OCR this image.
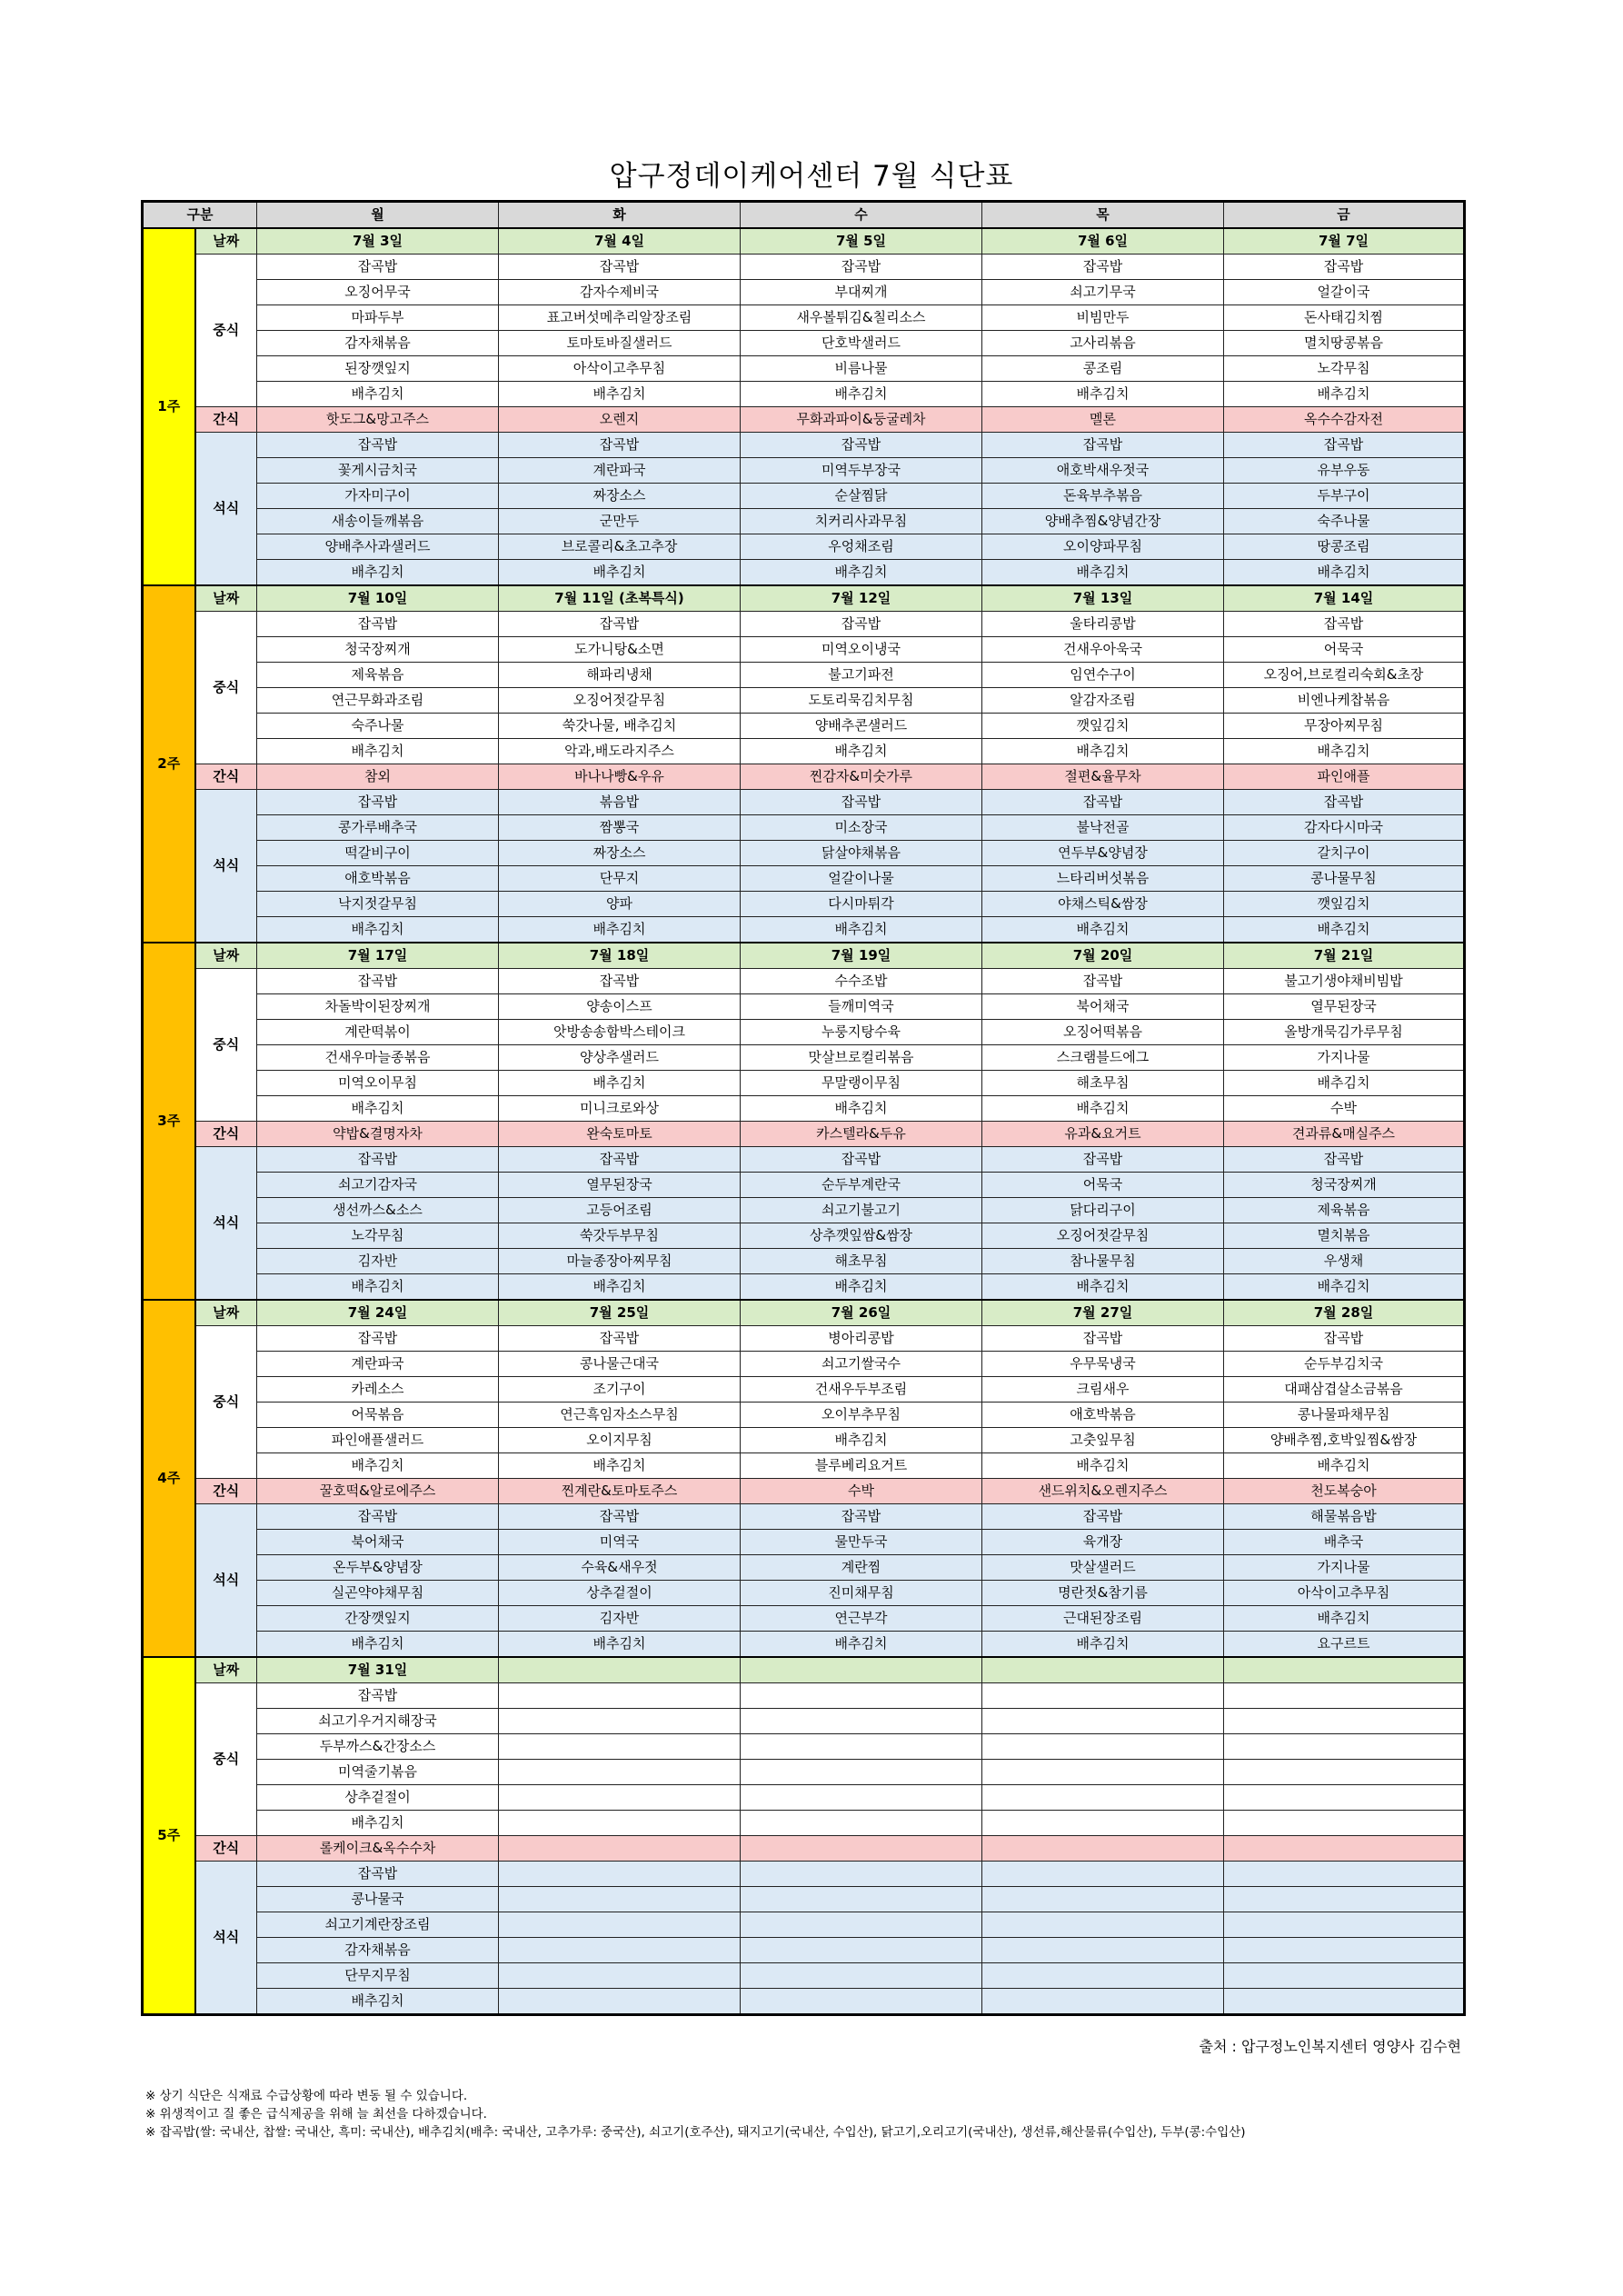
압구정데이케어센터 7월 식단표
구분		월	화	수	목	금
1주	날짜	7월 3일	7월 4일	7월 5일	7월 6일	7월 7일
	중식	잡곡밥	잡곡밥	잡곡밥	잡곡밥	잡곡밥
		오징어무국	감자수제비국	부대찌개	쇠고기무국	얼갈이국
		마파두부	표고버섯메추리알장조림	새우볼튀김&칠리소스	비빔만두	돈사태김치찜
		감자채볶음	토마토바질샐러드	단호박샐러드	고사리볶음	멸치땅콩볶음
		된장깻잎지	아삭이고추무침	비름나물	콩조림	노각무침
		배추김치	배추김치	배추김치	배추김치	배추김치
	간식	핫도그&망고주스	오렌지	무화과파이&둥굴레차	멜론	옥수수감자전
	석식	잡곡밥	잡곡밥	잡곡밥	잡곡밥	잡곡밥
		꽃게시금치국	계란파국	미역두부장국	애호박새우젓국	유부우동
		가자미구이	짜장소스	순살찜닭	돈육부추볶음	두부구이
		새송이들깨볶음	군만두	치커리사과무침	양배추찜&양념간장	숙주나물
		양배추사과샐러드	브로콜리&초고추장	우엉채조림	오이양파무침	땅콩조림
		배추김치	배추김치	배추김치	배추김치	배추김치
2주	날짜	7월 10일	7월 11일 (초복특식)	7월 12일	7월 13일	7월 14일
	중식	잡곡밥	잡곡밥	잡곡밥	울타리콩밥	잡곡밥
		청국장찌개	도가니탕&소면	미역오이냉국	건새우아욱국	어묵국
		제육볶음	해파리냉채	불고기파전	임연수구이	오징어,브로컬리숙회&초장
		연근무화과조림	오징어젓갈무침	도토리묵김치무침	알감자조림	비엔나케찹볶음
		숙주나물	쑥갓나물, 배추김치	양배추콘샐러드	깻잎김치	무장아찌무침
		배추김치	악과,배도라지주스	배추김치	배추김치	배추김치
	간식	참외	바나나빵&우유	찐감자&미숫가루	절편&율무차	파인애플
	석식	잡곡밥	볶음밥	잡곡밥	잡곡밥	잡곡밥
		콩가루배추국	짬뽕국	미소장국	불낙전골	감자다시마국
		떡갈비구이	짜장소스	닭살야채볶음	연두부&양념장	갈치구이
		애호박볶음	단무지	얼갈이나물	느타리버섯볶음	콩나물무침
		낙지젓갈무침	양파	다시마튀각	야채스틱&쌈장	깻잎김치
		배추김치	배추김치	배추김치	배추김치	배추김치
3주	날짜	7월 17일	7월 18일	7월 19일	7월 20일	7월 21일
	중식	잡곡밥	잡곡밥	수수조밥	잡곡밥	불고기생야채비빔밥
		차돌박이된장찌개	양송이스프	들깨미역국	북어채국	열무된장국
		계란떡볶이	앗방송송함박스테이크	누룽지탕수육	오징어떡볶음	올방개묵김가루무침
		건새우마늘종볶음	양상추샐러드	맛살브로컬리볶음	스크램블드에그	가지나물
		미역오이무침	배추김치	무말랭이무침	해초무침	배추김치
		배추김치	미니크로와상	배추김치	배추김치	수박
	간식	약밥&결명자차	완숙토마토	카스텔라&두유	유과&요거트	견과류&매실주스
	석식	잡곡밥	잡곡밥	잡곡밥	잡곡밥	잡곡밥
		쇠고기감자국	열무된장국	순두부계란국	어묵국	청국장찌개
		생선까스&소스	고등어조림	쇠고기불고기	닭다리구이	제육볶음
		노각무침	쑥갓두부무침	상추깻잎쌈&쌈장	오징어젓갈무침	멸치볶음
		김자반	마늘종장아찌무침	해초무침	참나물무침	우생채
		배추김치	배추김치	배추김치	배추김치	배추김치
4주	날짜	7월 24일	7월 25일	7월 26일	7월 27일	7월 28일
	중식	잡곡밥	잡곡밥	병아리콩밥	잡곡밥	잡곡밥
		계란파국	콩나물근대국	쇠고기쌀국수	우무묵냉국	순두부김치국
		카레소스	조기구이	건새우두부조림	크림새우	대패삼겹살소금볶음
		어묵볶음	연근흑임자소스무침	오이부추무침	애호박볶음	콩나물파채무침
		파인애플샐러드	오이지무침	배추김치	고춧잎무침	양배추찜,호박잎찜&쌈장
		배추김치	배추김치	블루베리요거트	배추김치	배추김치
	간식	꿀호떡&알로에주스	찐계란&토마토주스	수박	샌드위치&오렌지주스	천도복숭아
	석식	잡곡밥	잡곡밥	잡곡밥	잡곡밥	해물볶음밥
		북어채국	미역국	물만두국	육개장	배추국
		온두부&양념장	수육&새우젓	계란찜	맛살샐러드	가지나물
		실곤약야채무침	상추겉절이	진미채무침	명란젓&참기름	아삭이고추무침
		간장깻잎지	김자반	연근부각	근대된장조림	배추김치
		배추김치	배추김치	배추김치	배추김치	요구르트
5주	날짜	7월 31일				
	중식	잡곡밥				
		쇠고기우거지해장국				
		두부까스&간장소스				
		미역줄기볶음				
		상추겉절이				
		배추김치				
	간식	롤케이크&옥수수차				
	석식	잡곡밥				
		콩나물국				
		쇠고기계란장조림				
		감자채볶음				
		단무지무침				
		배추김치				
출처 : 압구정노인복지센터 영양사 김수현
※ 상기 식단은 식재료 수급상황에 따라 변동 될 수 있습니다.
※ 위생적이고 질 좋은 급식제공을 위해 늘 최선을 다하겠습니다.
※ 잡곡밥(쌀: 국내산, 찹쌀: 국내산, 흑미: 국내산), 배추김치(배추: 국내산, 고추가루: 중국산), 쇠고기(호주산), 돼지고기(국내산, 수입산), 닭고기,오리고기(국내산), 생선류,해산물류(수입산), 두부(콩:수입산)
